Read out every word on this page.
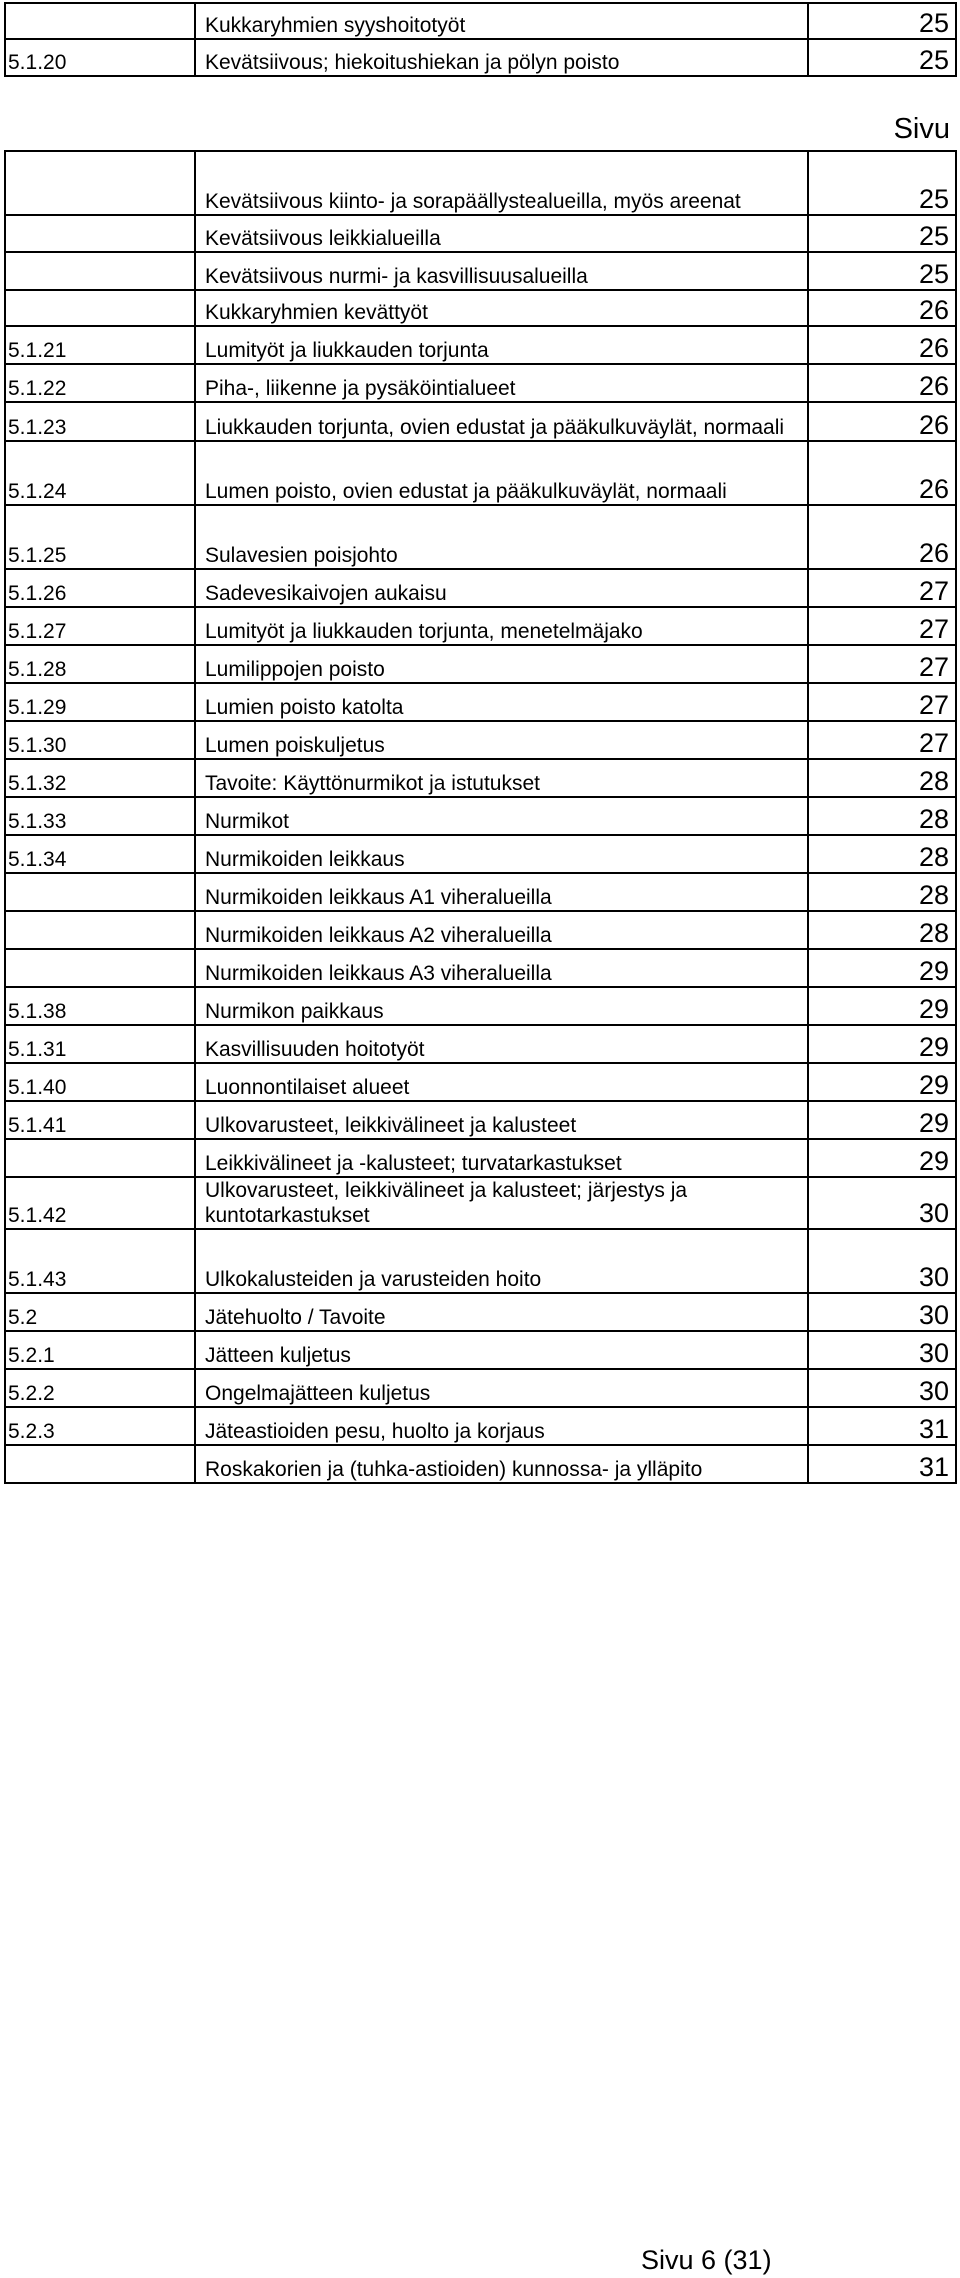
	Kukkaryhmien syyshoitotyöt	25
5.1.20	Kevätsiivous; hiekoitushiekan ja pölyn poisto	25
Sivu
	Kevätsiivous kiinto- ja sorapäällystealueilla, myös areenat	25
	Kevätsiivous leikkialueilla	25
	Kevätsiivous nurmi- ja kasvillisuusalueilla	25
	Kukkaryhmien kevättyöt	26
5.1.21	Lumityöt ja liukkauden torjunta	26
5.1.22	Piha-, liikenne ja pysäköintialueet	26
5.1.23	Liukkauden torjunta, ovien edustat ja pääkulkuväylät, normaali	26
5.1.24	Lumen poisto, ovien edustat ja pääkulkuväylät, normaali	26
5.1.25	Sulavesien poisjohto	26
5.1.26	Sadevesikaivojen aukaisu	27
5.1.27	Lumityöt ja liukkauden torjunta, menetelmäjako	27
5.1.28	Lumilippojen poisto	27
5.1.29	Lumien poisto katolta	27
5.1.30	Lumen poiskuljetus	27
5.1.32	Tavoite: Käyttönurmikot ja istutukset	28
5.1.33	Nurmikot	28
5.1.34	Nurmikoiden leikkaus	28
	Nurmikoiden leikkaus A1 viheralueilla	28
	Nurmikoiden leikkaus A2 viheralueilla	28
	Nurmikoiden leikkaus A3 viheralueilla	29
5.1.38	Nurmikon paikkaus	29
5.1.31	Kasvillisuuden hoitotyöt	29
5.1.40	Luonnontilaiset alueet	29
5.1.41	Ulkovarusteet, leikkivälineet ja kalusteet	29
	Leikkivälineet ja -kalusteet; turvatarkastukset	29
5.1.42	Ulkovarusteet, leikkivälineet ja kalusteet; järjestys ja kuntotarkastukset	30
5.1.43	Ulkokalusteiden ja varusteiden hoito	30
5.2	Jätehuolto / Tavoite	30
5.2.1	Jätteen kuljetus	30
5.2.2	Ongelmajätteen kuljetus	30
5.2.3	Jäteastioiden pesu, huolto ja korjaus	31
	Roskakorien ja (tuhka-astioiden) kunnossa- ja ylläpito	31
Sivu 6 (31)
